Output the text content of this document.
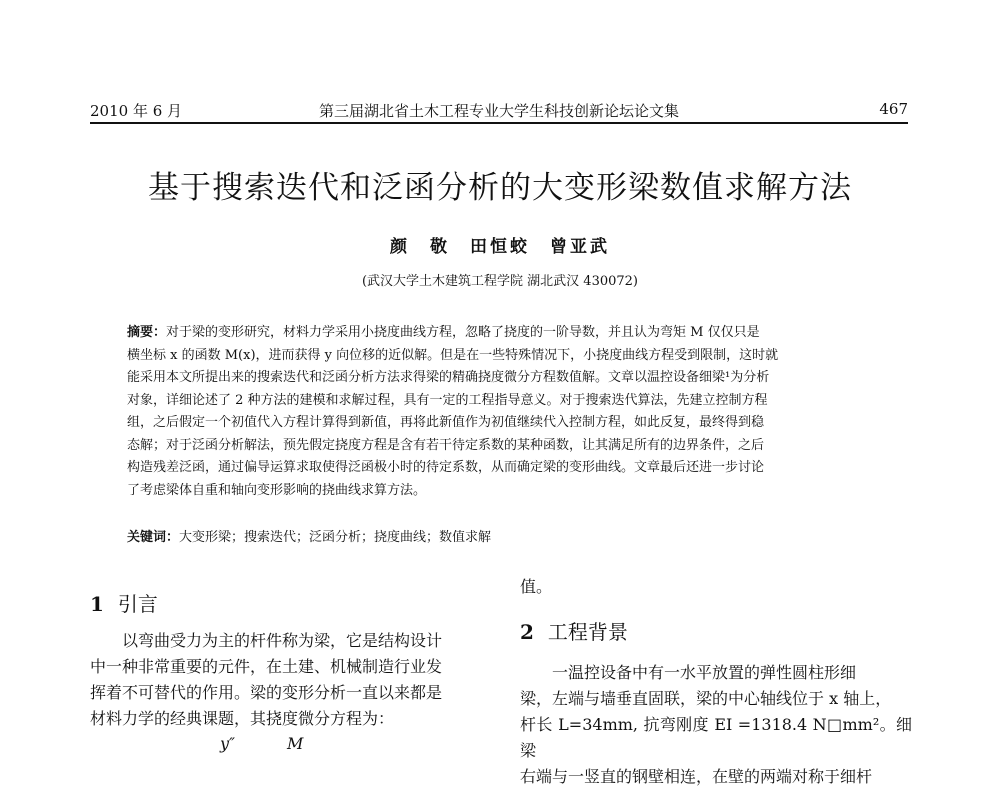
2010 年 6 月	第三届湖北省土木工程专业大学生科技创新论坛论文集	467
基于搜索迭代和泛函分析的大变形梁数值求解方法
颜　敬　田恒蛟　曾亚武
(武汉大学土木建筑工程学院 湖北武汉 430072)
摘要：对于梁的变形研究，材料力学采用小挠度曲线方程，忽略了挠度的一阶导数，并且认为弯矩 M 仅仅只是
横坐标 x 的函数 M(x)，进而获得 y 向位移的近似解。但是在一些特殊情况下，小挠度曲线方程受到限制，这时就
能采用本文所提出来的搜索迭代和泛函分析方法求得梁的精确挠度微分方程数值解。文章以温控设备细梁¹为分析
对象，详细论述了 2 种方法的建模和求解过程，具有一定的工程指导意义。对于搜索迭代算法，先建立控制方程
组，之后假定一个初值代入方程计算得到新值，再将此新值作为初值继续代入控制方程，如此反复，最终得到稳
态解；对于泛函分析解法，预先假定挠度方程是含有若干待定系数的某种函数，让其满足所有的边界条件，之后
构造残差泛函，通过偏导运算求取使得泛函极小时的待定系数，从而确定梁的变形曲线。文章最后还进一步讨论
了考虑梁体自重和轴向变形影响的挠曲线求算方法。
关键词：大变形梁；搜索迭代；泛函分析；挠度曲线；数值求解
1 引言
以弯曲受力为主的杆件称为梁，它是结构设计
中一种非常重要的元件，在土建、机械制造行业发
挥着不可替代的作用。梁的变形分析一直以来都是
材料力学的经典课题，其挠度微分方程为：
y″	M
值。
2 工程背景
一温控设备中有一水平放置的弹性圆柱形细
梁，左端与墙垂直固联，梁的中心轴线位于 x 轴上，
杆长 L=34mm, 抗弯刚度 EI =1318.4 N□mm²。细梁
右端与一竖直的钢壁相连，在壁的两端对称于细杆
